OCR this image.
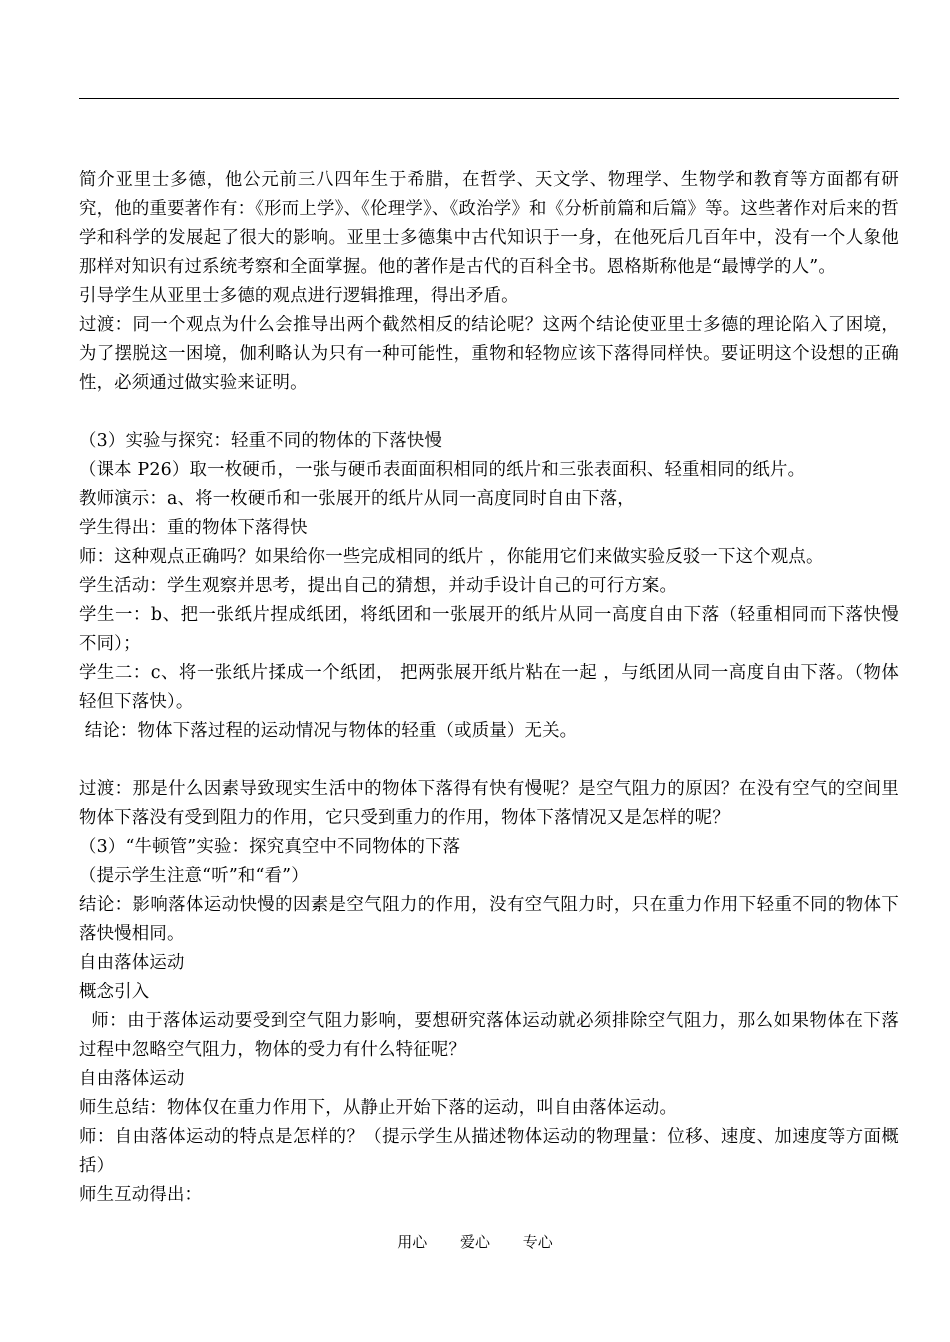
简介亚里士多德，他公元前三八四年生于希腊，在哲学、天文学、物理学、生物学和教育等方面都有研究，他的重要著作有：《形而上学》、《伦理学》、《政治学》和《分析前篇和后篇》等。这些著作对后来的哲学和科学的发展起了很大的影响。亚里士多德集中古代知识于一身，在他死后几百年中，没有一个人象他那样对知识有过系统考察和全面掌握。他的著作是古代的百科全书。恩格斯称他是“最博学的人”。

引导学生从亚里士多德的观点进行逻辑推理，得出矛盾。

过渡：同一个观点为什么会推导出两个截然相反的结论呢？这两个结论使亚里士多德的理论陷入了困境，为了摆脱这一困境，伽利略认为只有一种可能性，重物和轻物应该下落得同样快。要证明这个设想的正确性，必须通过做实验来证明。

（3）实验与探究：轻重不同的物体的下落快慢

（课本 P26）取一枚硬币，一张与硬币表面面积相同的纸片和三张表面积、轻重相同的纸片。

教师演示：a、将一枚硬币和一张展开的纸片从同一高度同时自由下落，

学生得出：重的物体下落得快

师：这种观点正确吗？如果给你一些完成相同的纸片 ，你能用它们来做实验反驳一下这个观点。

学生活动：学生观察并思考，提出自己的猜想，并动手设计自己的可行方案。

学生一：b、把一张纸片捏成纸团，将纸团和一张展开的纸片从同一高度自由下落（轻重相同而下落快慢不同）；

学生二：c、将一张纸片揉成一个纸团， 把两张展开纸片粘在一起 ，与纸团从同一高度自由下落。（物体轻但下落快）。

结论：物体下落过程的运动情况与物体的轻重（或质量）无关。

过渡：那是什么因素导致现实生活中的物体下落得有快有慢呢？是空气阻力的原因？在没有空气的空间里物体下落没有受到阻力的作用，它只受到重力的作用，物体下落情况又是怎样的呢？

（3）“牛顿管”实验：探究真空中不同物体的下落

（提示学生注意“听”和“看”）

结论：影响落体运动快慢的因素是空气阻力的作用，没有空气阻力时，只在重力作用下轻重不同的物体下落快慢相同。

自由落体运动

概念引入

师：由于落体运动要受到空气阻力影响，要想研究落体运动就必须排除空气阻力，那么如果物体在下落过程中忽略空气阻力，物体的受力有什么特征呢？

自由落体运动

师生总结：物体仅在重力作用下，从静止开始下落的运动，叫自由落体运动。

师：自由落体运动的特点是怎样的？（提示学生从描述物体运动的物理量：位移、速度、加速度等方面概括）

师生互动得出：

用心 爱心 专心
